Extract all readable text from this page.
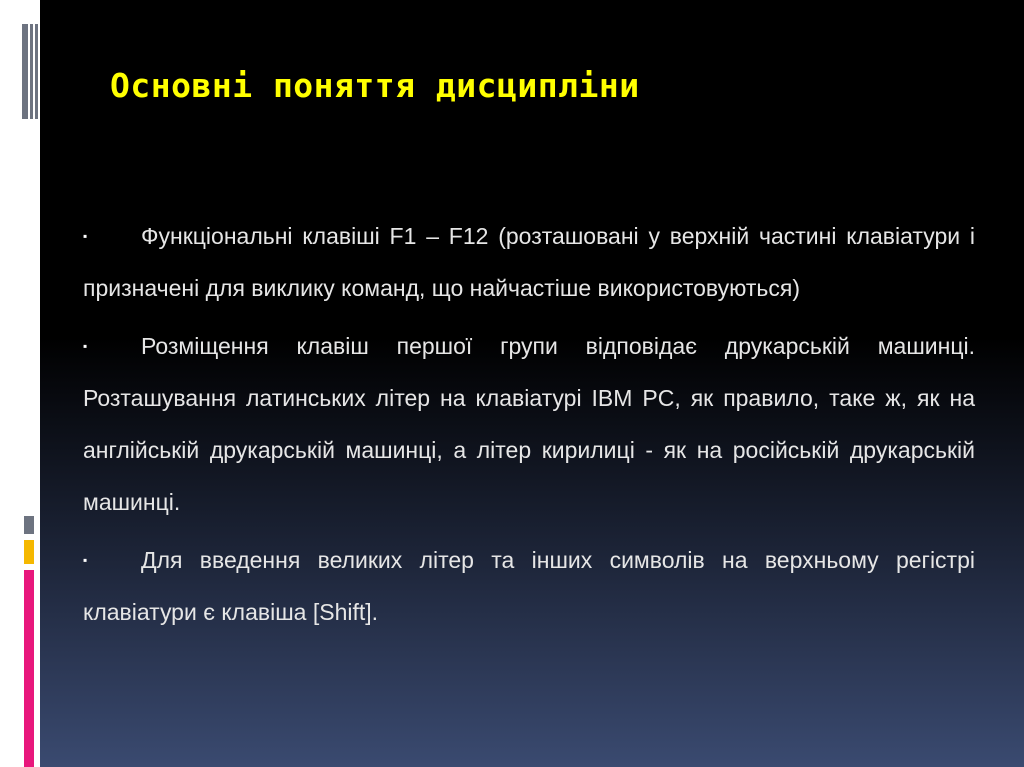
Основні поняття дисципліни

▪ Функціональні клавіші F1 – F12 (розташовані у верхній частині клавіатури і призначені для виклику команд, що найчастіше використовуються)

▪ Розміщення клавіш першої групи відповідає друкарській машинці. Розташування латинських літер на клавіатурі IBM PC, як правило, таке ж, як на англійській друкарській машинці, а літер кирилиці - як на російській друкарській машинці.

▪ Для введення великих літер та інших символів на верхньому регістрі клавіатури є клавіша [Shift].
